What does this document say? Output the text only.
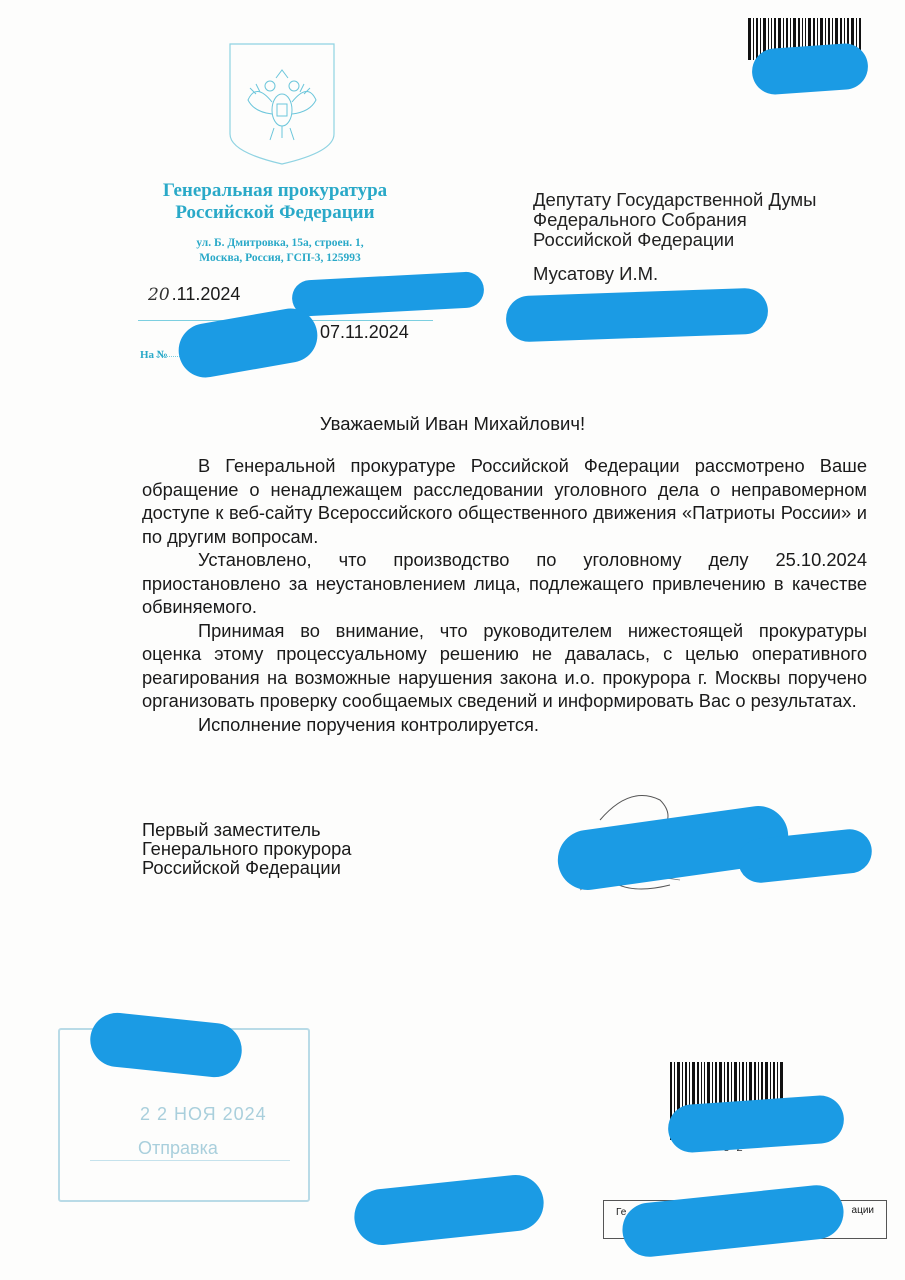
Генеральная прокуратура
Российской Федерации
ул. Б. Дмитровка, 15а, строен. 1,
Москва, Россия, ГСП-3, 125993
Депутату Государственной Думы
Федерального Собрания
Российской Федерации
Мусатову И.М.
20 .11.2024
$_{На №}$
07.11.2024
Уважаемый Иван Михайлович!

В Генеральной прокуратуре Российской Федерации рассмотрено Ваше обращение о ненадлежащем расследовании уголовного дела о неправомерном доступе к веб-сайту Всероссийского общественного движения «Патриоты России» и по другим вопросам.

Установлено, что производство по уголовному делу 25.10.2024 приостановлено за неустановлением лица, подлежащего привлечению в качестве обвиняемого.

Принимая во внимание, что руководителем нижестоящей прокуратуры оценка этому процессуальному решению не давалась, с целью оперативного реагирования на возможные нарушения закона и.о. прокурора г. Москвы поручено организовать проверку сообщаемых сведений и информировать Вас о результатах.

Исполнение поручения контролируется.

Первый заместитель
Генерального прокурора
Российской Федерации
2 2 НОЯ 2024
Отправка
Ге	ации
